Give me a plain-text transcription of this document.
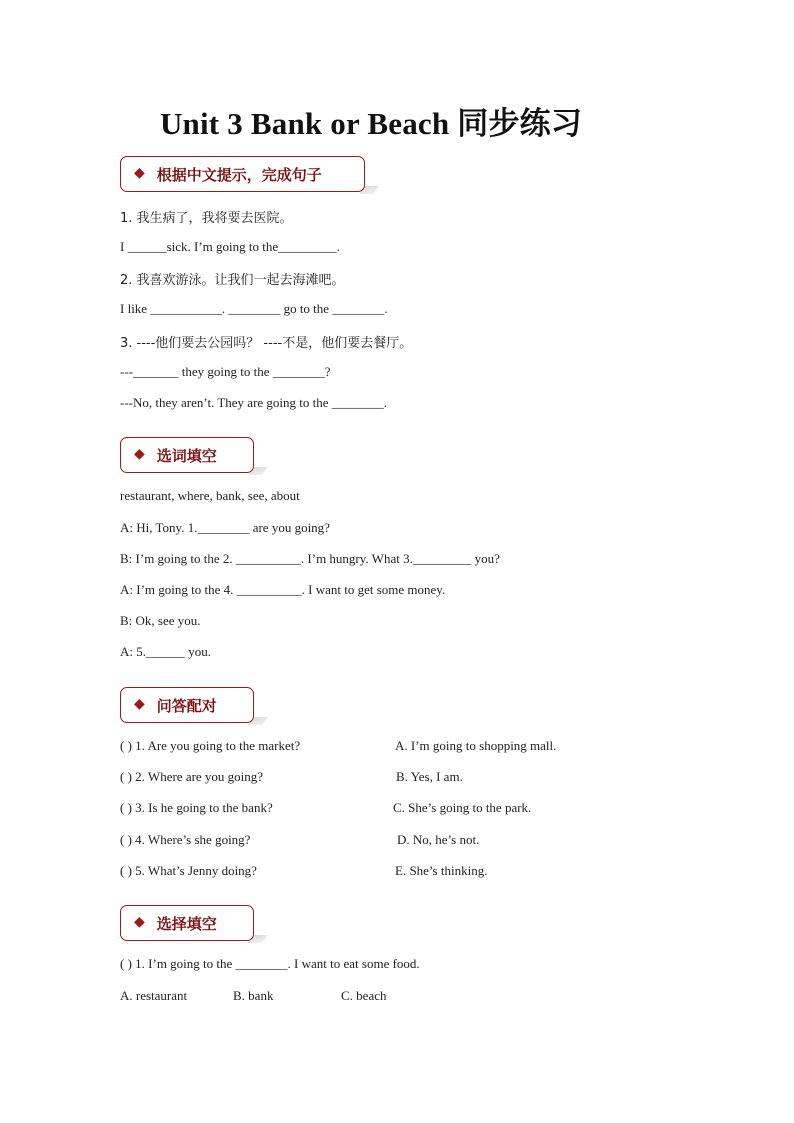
Unit 3 Bank or Beach 同步练习
◆ 根据中文提示，完成句子
1. 我生病了，我将要去医院。
I ______sick. I’m going to the_________.
2. 我喜欢游泳。让我们一起去海滩吧。
I like ___________. ________ go to the ________.
3. ----他们要去公园吗？ ----不是，他们要去餐厅。
---_______ they going to the ________?
---No, they aren’t. They are going to the ________.
◆ 选词填空
restaurant, where, bank, see, about
A: Hi, Tony. 1.________ are you going?
B: I’m going to the 2. __________. I’m hungry. What 3._________ you?
A: I’m going to the 4. __________. I want to get some money.
B: Ok, see you.
A: 5.______ you.
◆ 问答配对
( ) 1. Are you going to the market?	A. I’m going to shopping mall.
( ) 2. Where are you going?	B. Yes, I am.
( ) 3. Is he going to the bank?	C. She’s going to the park.
( ) 4. Where’s she going?	D. No, he’s not.
( ) 5. What’s Jenny doing?	E. She’s thinking.
◆ 选择填空
( ) 1. I’m going to the ________. I want to eat some food.
A. restaurant	B. bank	C. beach
